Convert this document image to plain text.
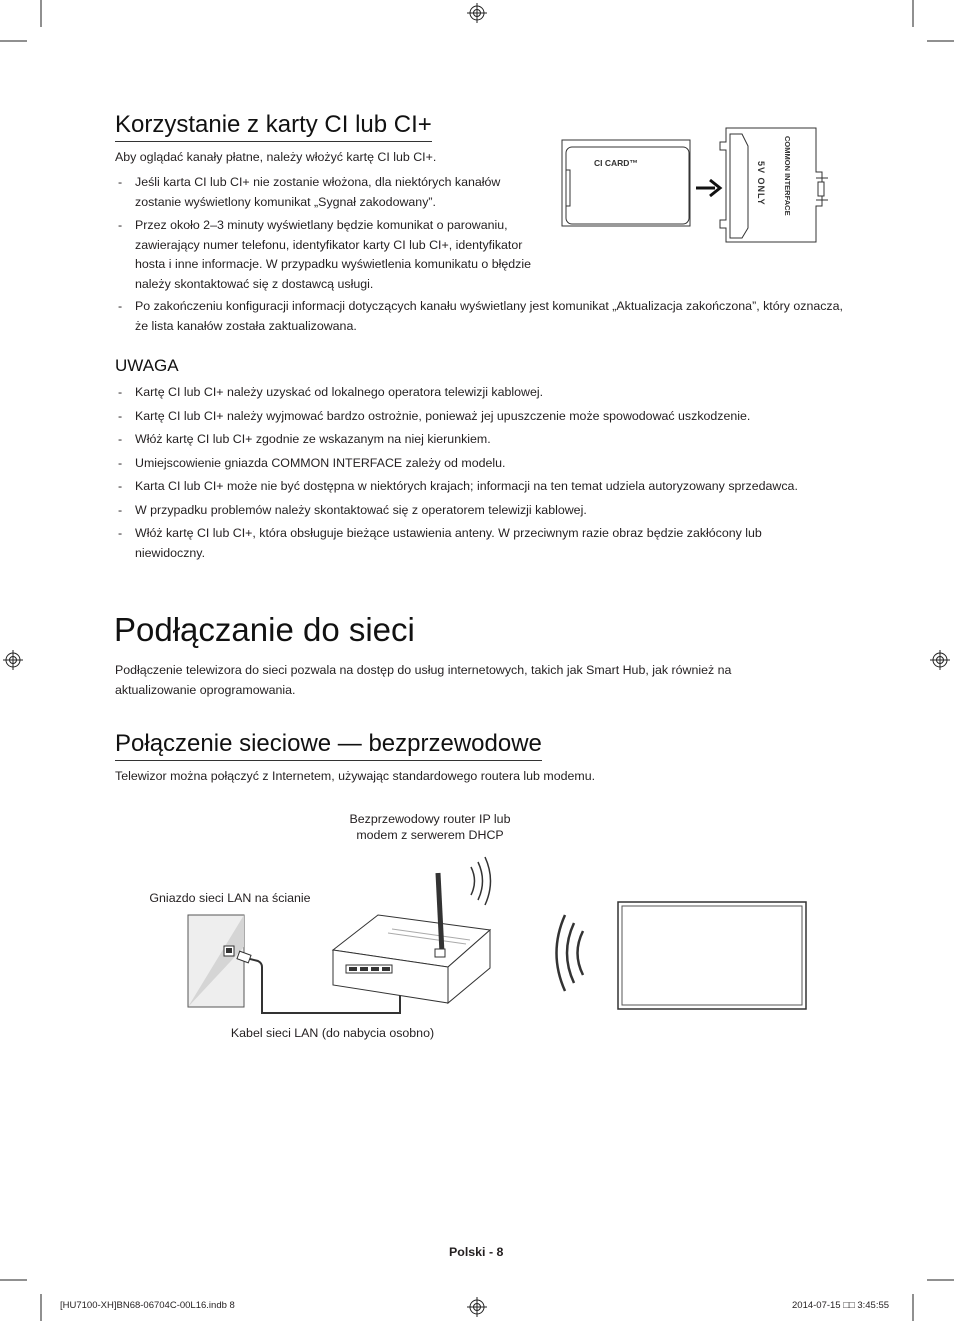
Korzystanie z karty CI lub CI+
Aby oglądać kanały płatne, należy włożyć kartę CI lub CI+.
- Jeśli karta CI lub CI+ nie zostanie włożona, dla niektórych kanałów zostanie wyświetlony komunikat „Sygnał zakodowany”.
- Przez około 2–3 minuty wyświetlany będzie komunikat o parowaniu, zawierający numer telefonu, identyfikator karty CI lub CI+, identyfikator hosta i inne informacje. W przypadku wyświetlenia komunikatu o błędzie należy skontaktować się z dostawcą usługi.
- Po zakończeniu konfiguracji informacji dotyczących kanału wyświetlany jest komunikat „Aktualizacja zakończona”, który oznacza, że lista kanałów została zaktualizowana.
CI CARD™	COMMON INTERFACE
5V ONLY
UWAGA
- Kartę CI lub CI+ należy uzyskać od lokalnego operatora telewizji kablowej.
- Kartę CI lub CI+ należy wyjmować bardzo ostrożnie, ponieważ jej upuszczenie może spowodować uszkodzenie.
- Włóż kartę CI lub CI+ zgodnie ze wskazanym na niej kierunkiem.
- Umiejscowienie gniazda COMMON INTERFACE zależy od modelu.
- Karta CI lub CI+ może nie być dostępna w niektórych krajach; informacji na ten temat udziela autoryzowany sprzedawca.
- W przypadku problemów należy skontaktować się z operatorem telewizji kablowej.
- Włóż kartę CI lub CI+, która obsługuje bieżące ustawienia anteny. W przeciwnym razie obraz będzie zakłócony lub niewidoczny.
Podłączanie do sieci
Podłączenie telewizora do sieci pozwala na dostęp do usług internetowych, takich jak Smart Hub, jak również na aktualizowanie oprogramowania.
Połączenie sieciowe — bezprzewodowe
Telewizor można połączyć z Internetem, używając standardowego routera lub modemu.
Bezprzewodowy router IP lub modem z serwerem DHCP
Gniazdo sieci LAN na ścianie
Kabel sieci LAN (do nabycia osobno)
Polski - 8
[HU7100-XH]BN68-06704C-00L16.indb 8	2014-07-15 □□ 3:45:55
